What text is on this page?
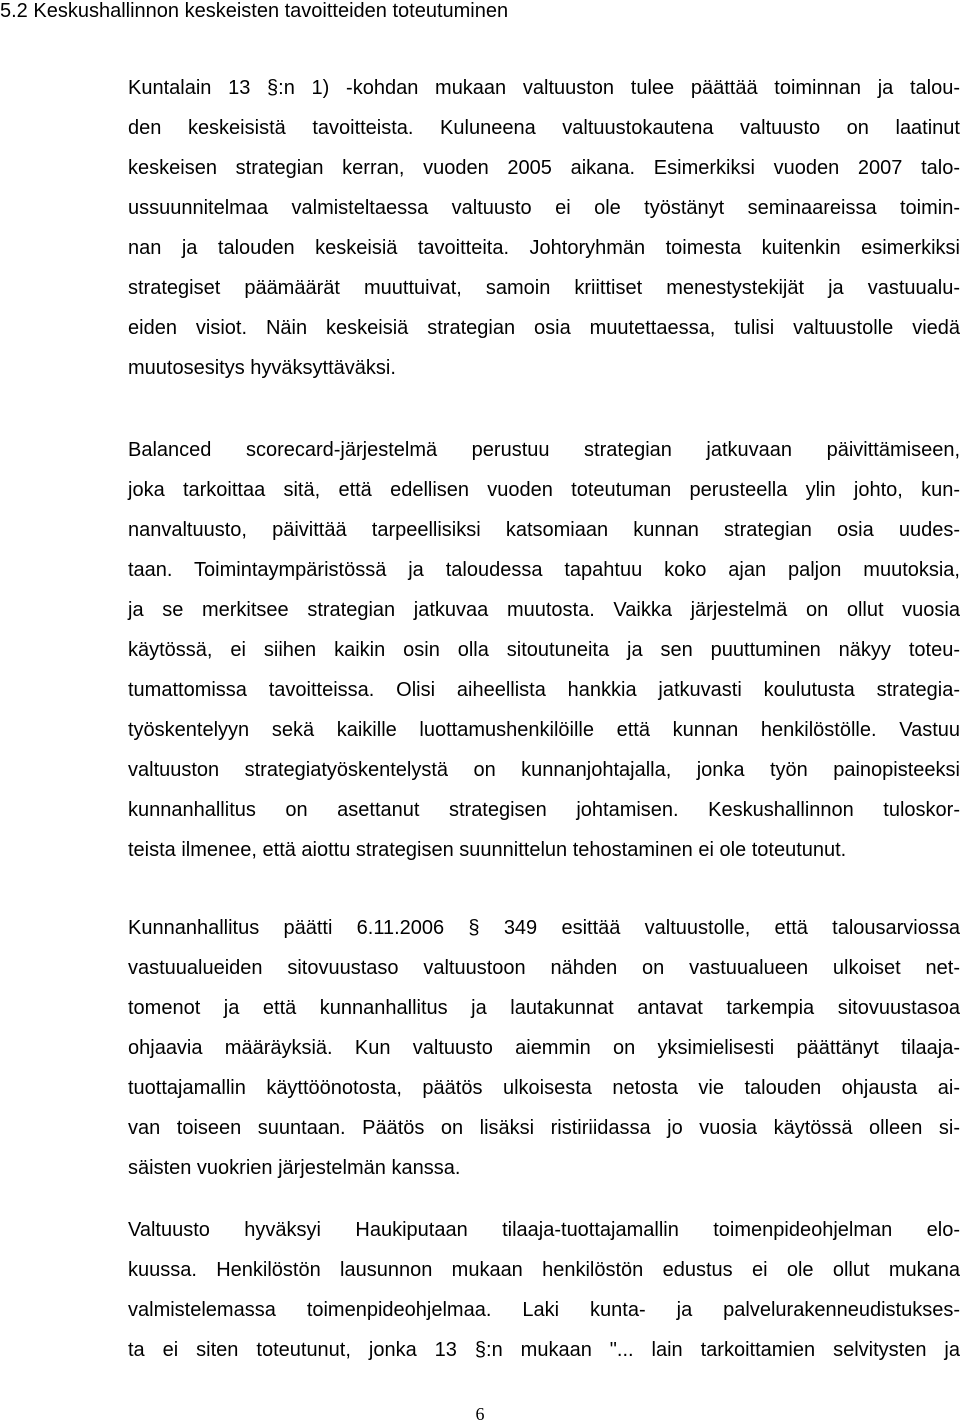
5.2 Keskushallinnon keskeisten tavoitteiden toteutuminen
Kuntalain 13 §:n 1) -kohdan mukaan valtuuston tulee päättää toiminnan ja talou-
den keskeisistä tavoitteista. Kuluneena valtuustokautena valtuusto on laatinut
keskeisen strategian kerran, vuoden 2005 aikana. Esimerkiksi vuoden 2007 talo-
ussuunnitelmaa valmisteltaessa valtuusto ei ole työstänyt seminaareissa toimin-
nan ja talouden keskeisiä tavoitteita. Johtoryhmän toimesta kuitenkin esimerkiksi
strategiset päämäärät muuttuivat, samoin kriittiset menestystekijät ja vastuualu-
eiden visiot. Näin keskeisiä strategian osia muutettaessa, tulisi valtuustolle viedä
muutosesitys hyväksyttäväksi.
Balanced scorecard-järjestelmä perustuu strategian jatkuvaan päivittämiseen,
joka tarkoittaa sitä, että edellisen vuoden toteutuman perusteella ylin johto, kun-
nanvaltuusto, päivittää tarpeellisiksi katsomiaan kunnan strategian osia uudes-
taan. Toimintaympäristössä ja taloudessa tapahtuu koko ajan paljon muutoksia,
ja se merkitsee strategian jatkuvaa muutosta. Vaikka järjestelmä on ollut vuosia
käytössä, ei siihen kaikin osin olla sitoutuneita ja sen puuttuminen näkyy toteu-
tumattomissa tavoitteissa. Olisi aiheellista hankkia jatkuvasti koulutusta strategia-
työskentelyyn sekä kaikille luottamushenkilöille että kunnan henkilöstölle. Vastuu
valtuuston strategiatyöskentelystä on kunnanjohtajalla, jonka työn painopisteeksi
kunnanhallitus on asettanut strategisen johtamisen. Keskushallinnon tuloskor-
teista ilmenee, että aiottu strategisen suunnittelun tehostaminen ei ole toteutunut.
Kunnanhallitus päätti 6.11.2006 § 349 esittää valtuustolle, että talousarviossa
vastuualueiden sitovuustaso valtuustoon nähden on vastuualueen ulkoiset net-
tomenot ja että kunnanhallitus ja lautakunnat antavat tarkempia sitovuustasoa
ohjaavia määräyksiä. Kun valtuusto aiemmin on yksimielisesti päättänyt tilaaja-
tuottajamallin käyttöönotosta, päätös ulkoisesta netosta vie talouden ohjausta ai-
van toiseen suuntaan. Päätös on lisäksi ristiriidassa jo vuosia käytössä olleen si-
säisten vuokrien järjestelmän kanssa.
Valtuusto hyväksyi Haukiputaan tilaaja-tuottajamallin toimenpideohjelman elo-
kuussa. Henkilöstön lausunnon mukaan henkilöstön edustus ei ole ollut mukana
valmistelemassa toimenpideohjelmaa. Laki kunta- ja palvelurakenneudistukses-
ta ei siten toteutunut, jonka 13 §:n mukaan "... lain tarkoittamien selvitysten ja
6
